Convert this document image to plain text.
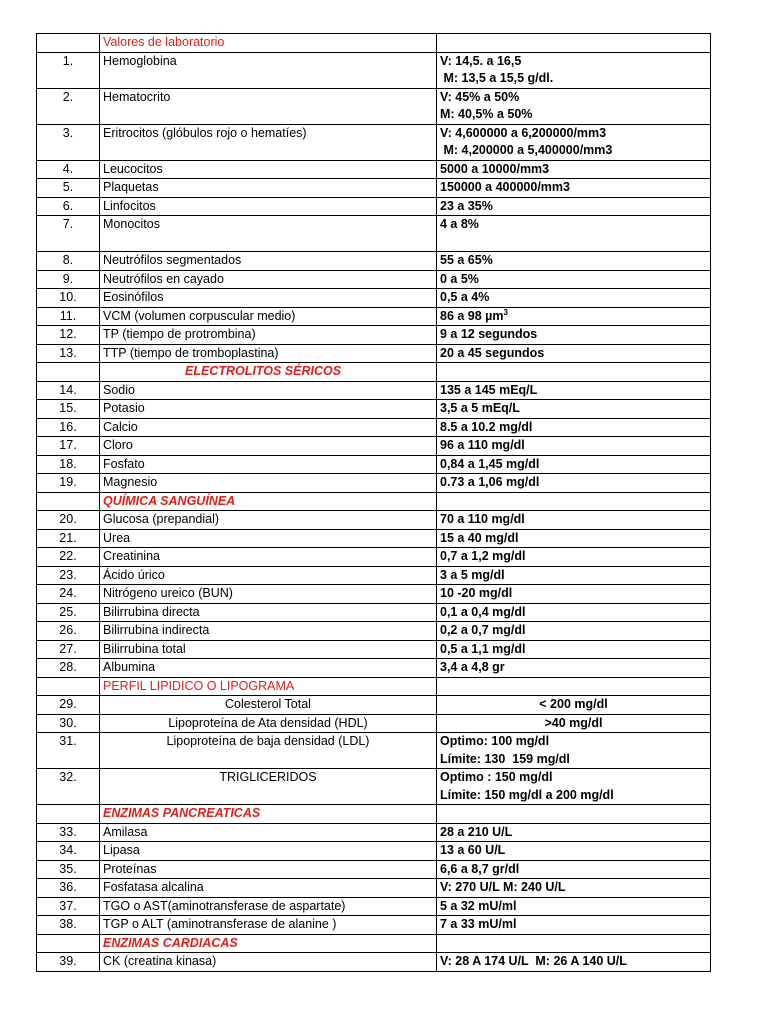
	Valores de laboratorio	
1.	Hemoglobina	V: 14,5. a 16,5
M: 13,5 a 15,5 g/dl.

2.	Hematocrito	V: 45% a 50%
M: 40,5% a 50%

3.	Eritrocitos (glóbulos rojo o hematíes)	V: 4,600000 a 6,200000/mm3
M: 4,200000 a 5,400000/mm3

4.	Leucocitos	5000 a 10000/mm3

5.	Plaquetas	150000 a 400000/mm3

6.	Linfocitos	23 a 35%

7.	Monocitos	4 a 8%

8.	Neutrófilos segmentados	55 a 65%

9.	Neutrófilos en cayado	0 a 5%

10.	Eosinófilos	0,5 a 4%

11.	VCM (volumen corpuscular medio)	86 a 98 µm$^3$

12.	TP (tiempo de protrombina)	9 a 12 segundos

13.	TTP (tiempo de tromboplastina)	20 a 45 segundos

	ELECTROLITOS SÉRICOS	
14.	Sodio	135 a 145 mEq/L

15.	Potasio	3,5 a 5 mEq/L

16.	Calcio	8.5 a 10.2 mg/dl

17.	Cloro	96 a 110 mg/dl

18.	Fosfato	0,84 a 1,45 mg/dl

19.	Magnesio	0.73 a 1,06 mg/dl

	QUÍMICA SANGUÍNEA	
20.	Glucosa (prepandial)	70 a 110 mg/dl

21.	Urea	15 a 40 mg/dl

22.	Creatinina	0,7 a 1,2 mg/dl

23.	Ácido úrico	3 a 5 mg/dl

24.	Nitrógeno ureico (BUN)	10 -20 mg/dl

25.	Bilirrubina directa	0,1 a 0,4 mg/dl

26.	Bilirrubina indirecta	0,2 a 0,7 mg/dl

27.	Bilirrubina total	0,5 a 1,1 mg/dl

28.	Albumina	3,4 a 4,8 gr

	PERFIL LIPIDICO O LIPOGRAMA	
29.	Colesterol Total	< 200 mg/dl

30.	Lipoproteína de Ata densidad (HDL)	>40 mg/dl

31.	Lipoproteína de baja densidad (LDL)	Optimo: 100 mg/dl
Límite: 130  159 mg/dl

32.	TRIGLICERIDOS	Optimo : 150 mg/dl
Límite: 150 mg/dl a 200 mg/dl

	ENZIMAS PANCREATICAS	
33.	Amilasa	28 a 210 U/L

34.	Lipasa	13 a 60 U/L

35.	Proteínas	6,6 a 8,7 gr/dl

36.	Fosfatasa alcalina	V: 270 U/L M: 240 U/L

37.	TGO o AST(aminotransferase de aspartate)	5 a 32 mU/ml

38.	TGP o ALT (aminotransferase de alanine )	7 a 33 mU/ml

	ENZIMAS CARDIACAS	
39.	CK (creatina kinasa)	V: 28 A 174 U/L  M: 26 A 140 U/L
